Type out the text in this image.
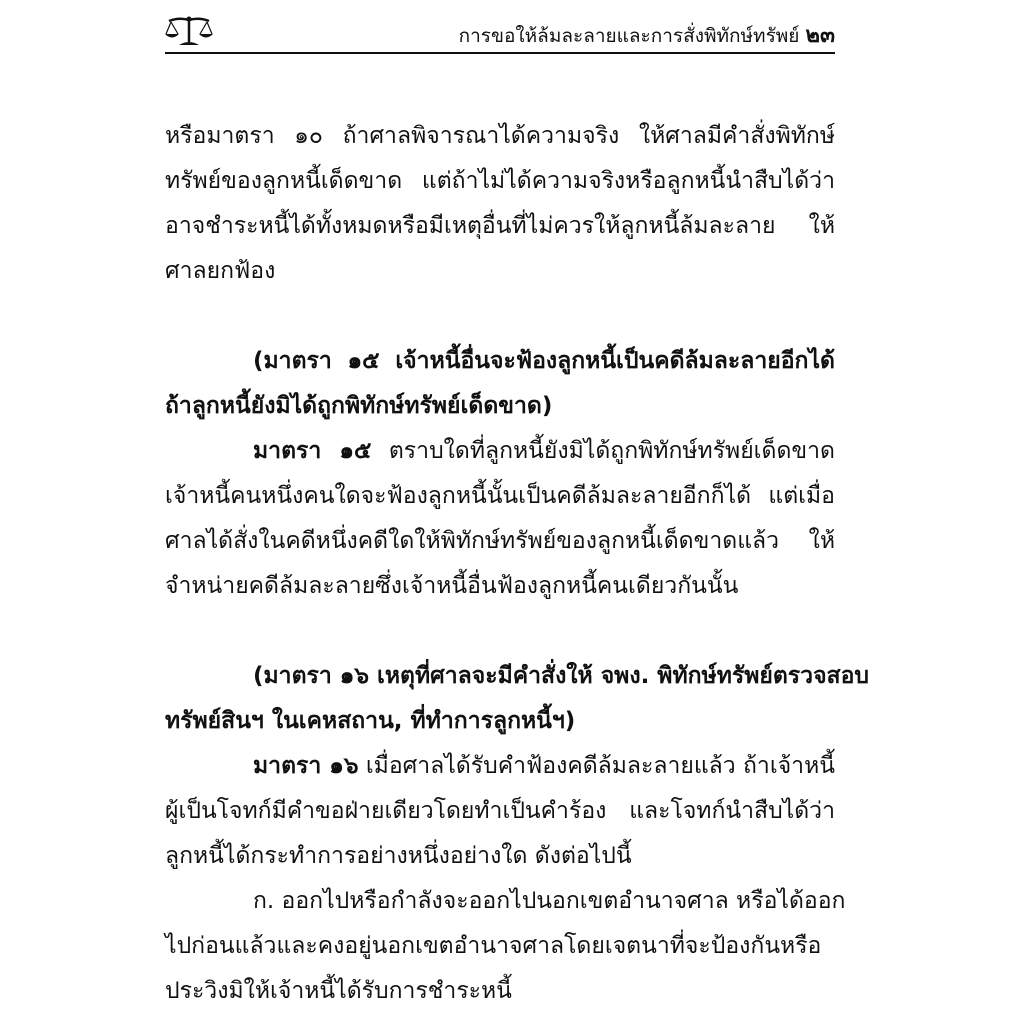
การขอให้ล้มละลายและการสั่งพิทักษ์ทรัพย์ ๒๓
หรือมาตรา ๑๐ ถ้าศาลพิจารณาได้ความจริง ให้ศาลมีคำสั่งพิทักษ์
ทรัพย์ของลูกหนี้เด็ดขาด แต่ถ้าไม่ได้ความจริงหรือลูกหนี้นำสืบได้ว่า
อาจชำระหนี้ได้ทั้งหมดหรือมีเหตุอื่นที่ไม่ควรให้ลูกหนี้ล้มละลาย ให้
ศาลยกฟ้อง
(มาตรา ๑๕ เจ้าหนี้อื่นจะฟ้องลูกหนี้เป็นคดีล้มละลายอีกได้
ถ้าลูกหนี้ยังมิได้ถูกพิทักษ์ทรัพย์เด็ดขาด)
มาตรา ๑๕ ตราบใดที่ลูกหนี้ยังมิได้ถูกพิทักษ์ทรัพย์เด็ดขาด
เจ้าหนี้คนหนึ่งคนใดจะฟ้องลูกหนี้นั้นเป็นคดีล้มละลายอีกก็ได้ แต่เมื่อ
ศาลได้สั่งในคดีหนึ่งคดีใดให้พิทักษ์ทรัพย์ของลูกหนี้เด็ดขาดแล้ว ให้
จำหน่ายคดีล้มละลายซึ่งเจ้าหนี้อื่นฟ้องลูกหนี้คนเดียวกันนั้น
(มาตรา ๑๖ เหตุที่ศาลจะมีคำสั่งให้ จพง. พิทักษ์ทรัพย์ตรวจสอบ
ทรัพย์สินฯ ในเคหสถาน, ที่ทำการลูกหนี้ฯ)
มาตรา ๑๖ เมื่อศาลได้รับคำฟ้องคดีล้มละลายแล้ว ถ้าเจ้าหนี้
ผู้เป็นโจทก์มีคำขอฝ่ายเดียวโดยทำเป็นคำร้อง และโจทก์นำสืบได้ว่า
ลูกหนี้ได้กระทำการอย่างหนึ่งอย่างใด ดังต่อไปนี้
ก. ออกไปหรือกำลังจะออกไปนอกเขตอำนาจศาล หรือได้ออก
ไปก่อนแล้วและคงอยู่นอกเขตอำนาจศาลโดยเจตนาที่จะป้องกันหรือ
ประวิงมิให้เจ้าหนี้ได้รับการชำระหนี้
